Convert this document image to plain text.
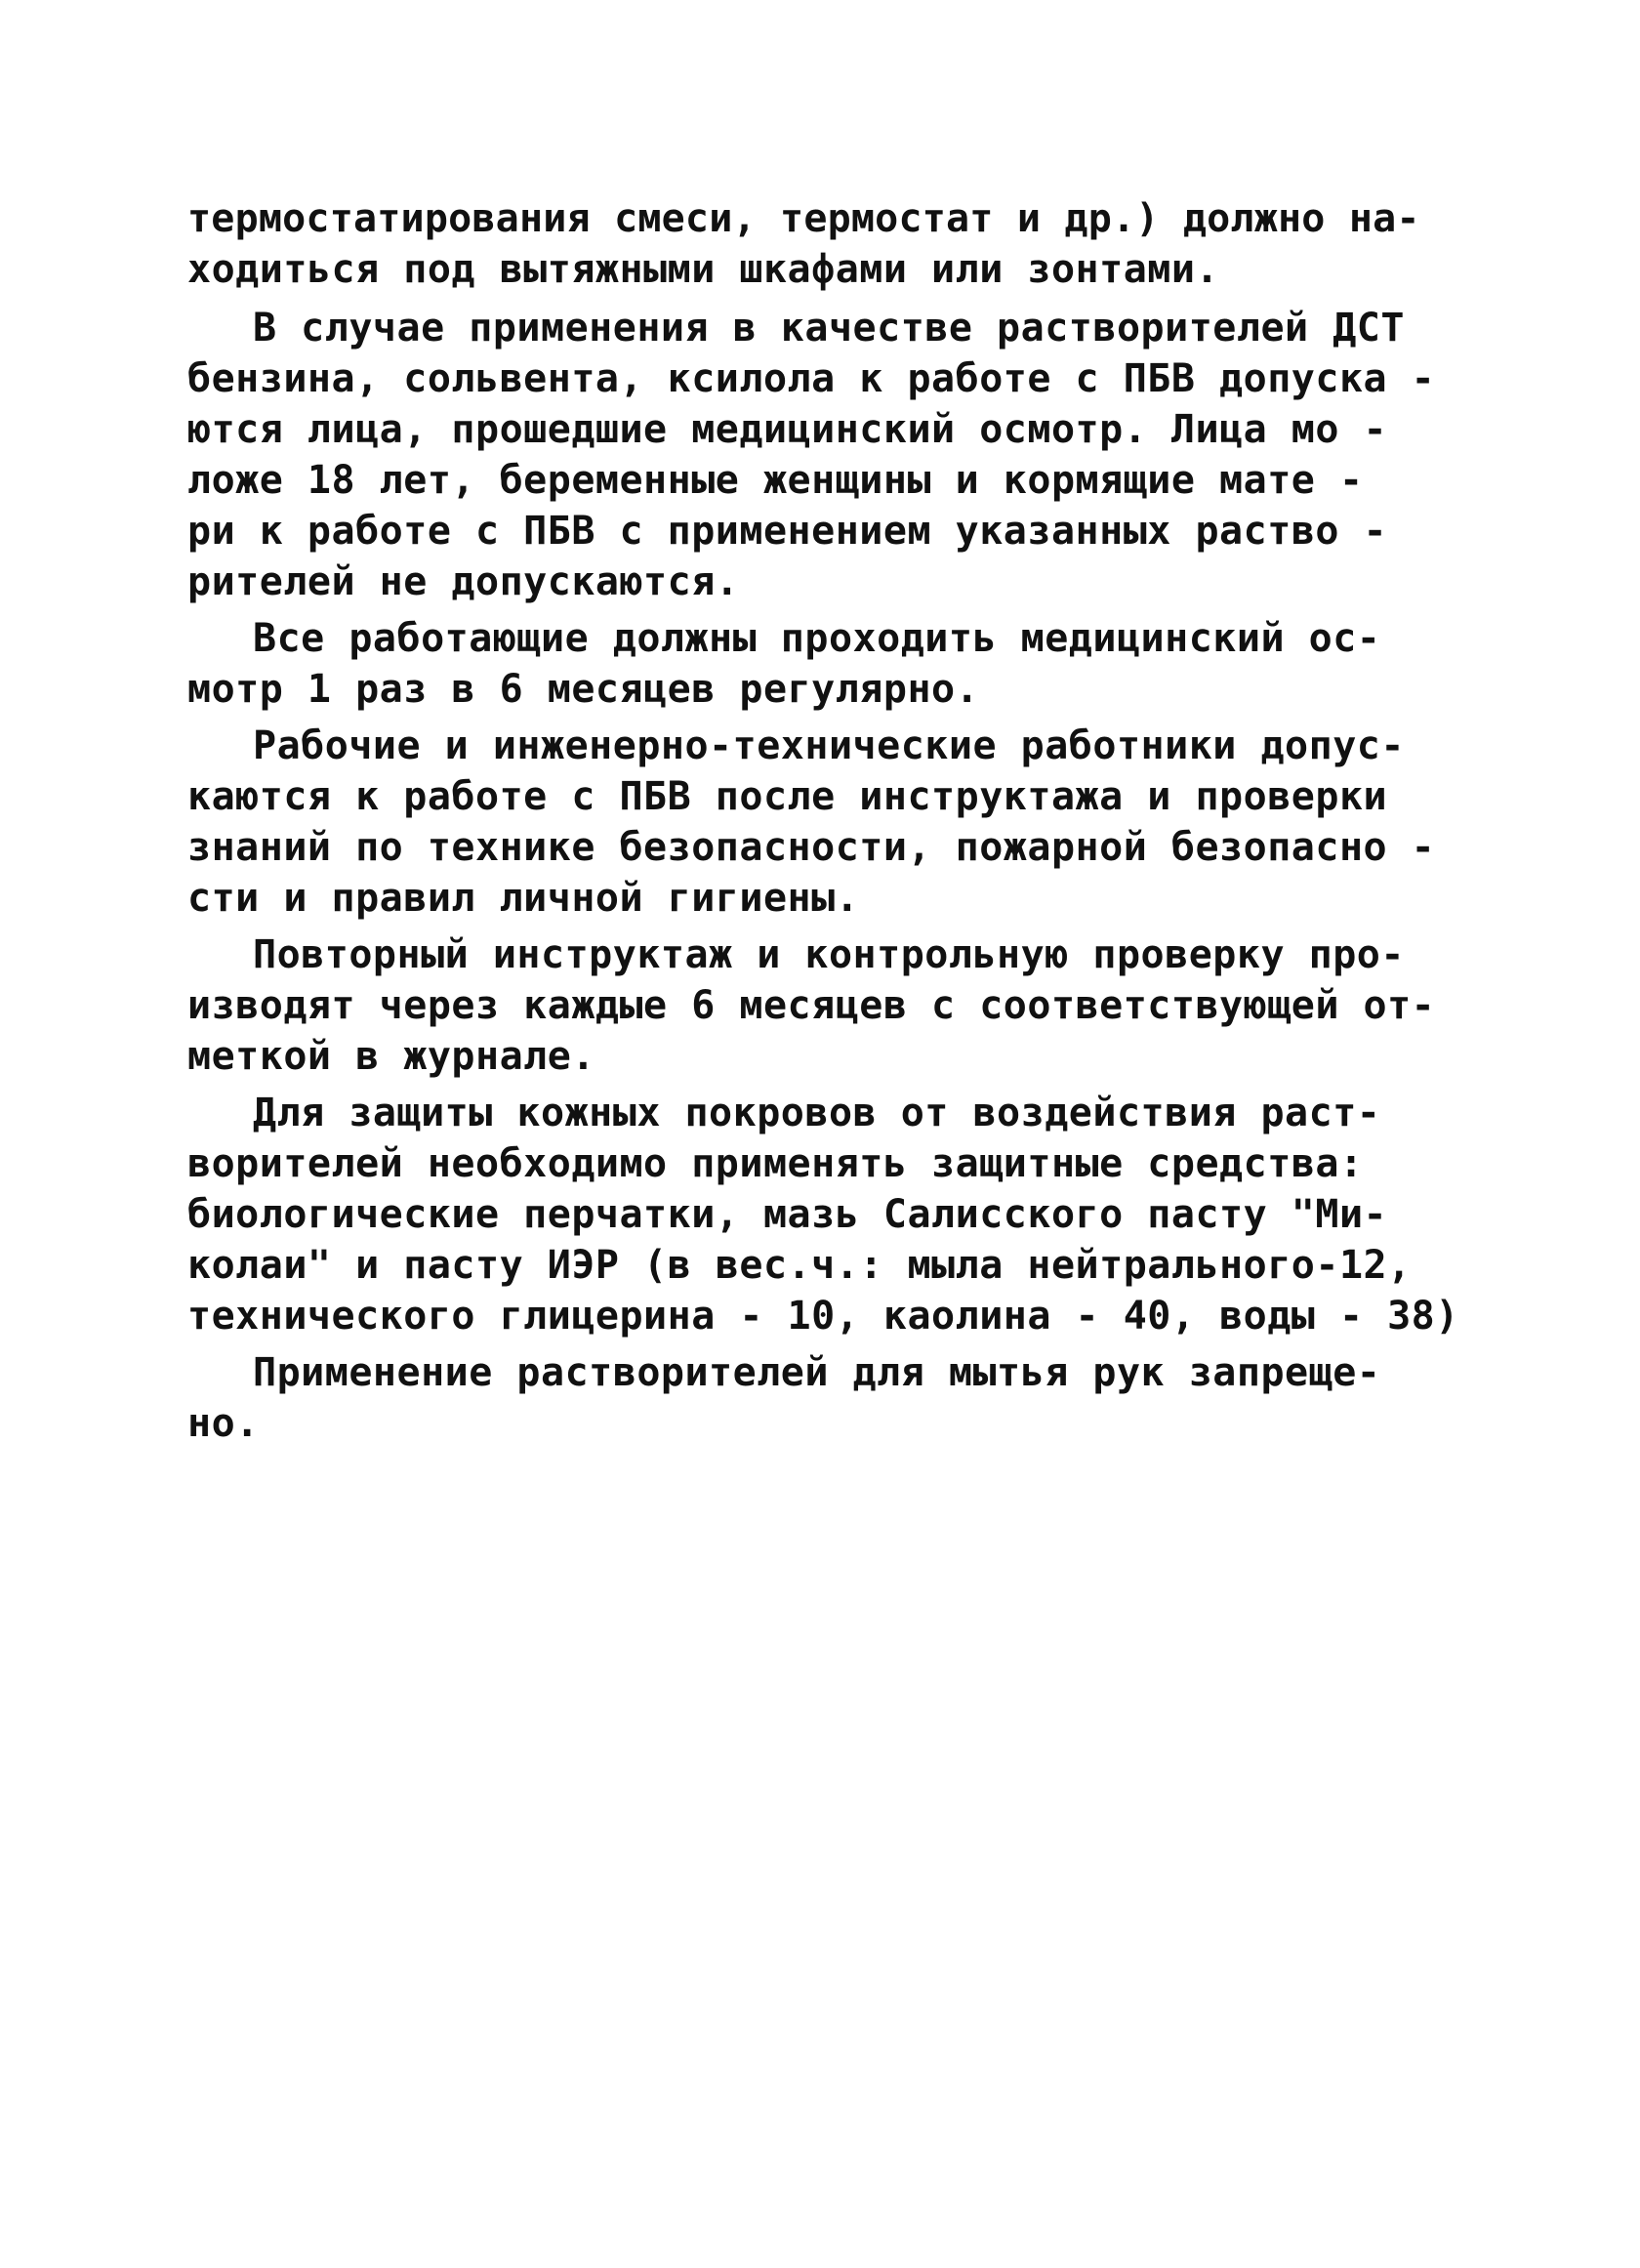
термостатирования смеси, термостат и др.) должно на-
ходиться под вытяжными шкафами или зонтами.
В случае применения в качестве растворителей ДСТ
бензина, сольвента, ксилола к работе с ПБВ допуска -
ются лица, прошедшие медицинский осмотр. Лица мо -
ложе 18 лет, беременные женщины и кормящие мате -
ри к работе с ПБВ с применением указанных раство -
рителей не допускаются.
Все работающие должны проходить медицинский ос-
мотр 1 раз в 6 месяцев регулярно.
Рабочие и инженерно-технические работники допус-
каются к работе с ПБВ после инструктажа и проверки
знаний по технике безопасности, пожарной безопасно -
сти и правил личной гигиены.
Повторный инструктаж и контрольную проверку про-
изводят через каждые 6 месяцев с соответствующей от-
меткой в журнале.
Для защиты кожных покровов от воздействия раст-
ворителей необходимо применять защитные средства:
биологические перчатки, мазь Салисского пасту "Ми-
колаи" и пасту ИЭР (в вес.ч.: мыла нейтрального-12,
технического глицерина - 10, каолина - 40, воды - 38)
Применение растворителей для мытья рук запреще-
но.
